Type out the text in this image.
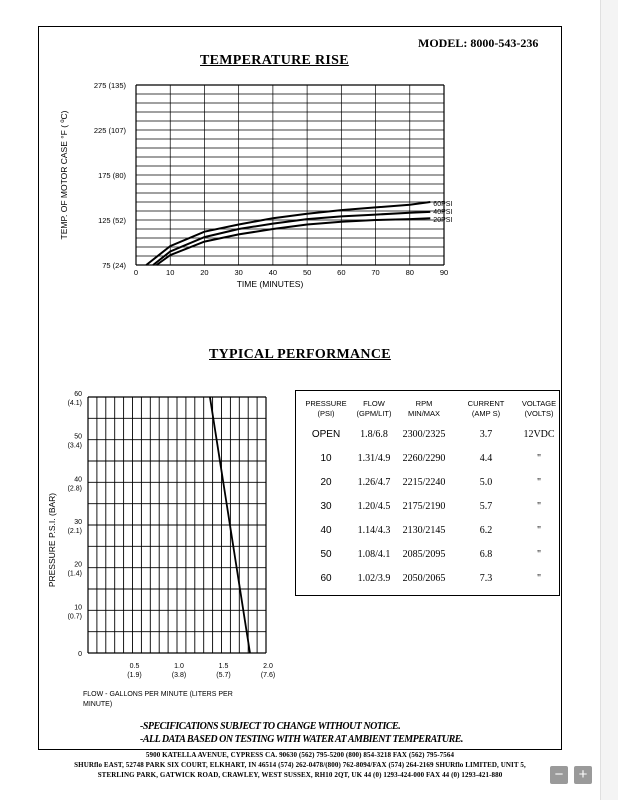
MODEL: 8000-543-236
TEMPERATURE RISE
TYPICAL PERFORMANCE
0	10	20	30	40	50	60	70	80	90
75 (24)
125 (52)
175 (80)
225 (107)
275 (135)
TIME (MINUTES)
TEMP. OF MOTOR CASE °F ( ºC)	60PSI
40PSI
20PSI
0
10
(0.7)
20
(1.4)
30
(2.1)
40
(2.8)
50
(3.4)
60
(4.1)
0.5
(1.9)
1.0
(3.8)
1.5
(5.7)
2.0
(7.6)
FLOW - GALLONS PER MINUTE (LITERS PER
MINUTE)
PRESSURE P.S.I. (BAR)
PRESSURE
(PSI)
FLOW
(GPM/LIT)
RPM
MIN/MAX
CURRENT
(AMP S)
VOLTAGE
(VOLTS)
OPEN	1.8/6.8	2300/2325	3.7	12VDC
10	1.31/4.9	2260/2290	4.4	"
20	1.26/4.7	2215/2240	5.0	"
30	1.20/4.5	2175/2190	5.7	"
40	1.14/4.3	2130/2145	6.2	"
50	1.08/4.1	2085/2095	6.8	"
60	1.02/3.9	2050/2065	7.3	"
-SPECIFICATIONS SUBJECT TO CHANGE WITHOUT NOTICE.
-ALL DATA BASED ON TESTING WITH WATER AT AMBIENT TEMPERATURE.
5900 KATELLA AVENUE, CYPRESS CA. 90630 (562) 795-5200 (800) 854-3218 FAX (562) 795-7564
SHURflo EAST, 52748 PARK SIX COURT, ELKHART, IN 46514 (574) 262-0478/(800) 762-8094/FAX (574) 264-2169 SHURflo LIMITED, UNIT 5,
STERLING PARK, GATWICK ROAD, CRAWLEY, WEST SUSSEX, RH10 2QT, UK 44 (0) 1293-424-000 FAX 44 (0) 1293-421-880	−	+
